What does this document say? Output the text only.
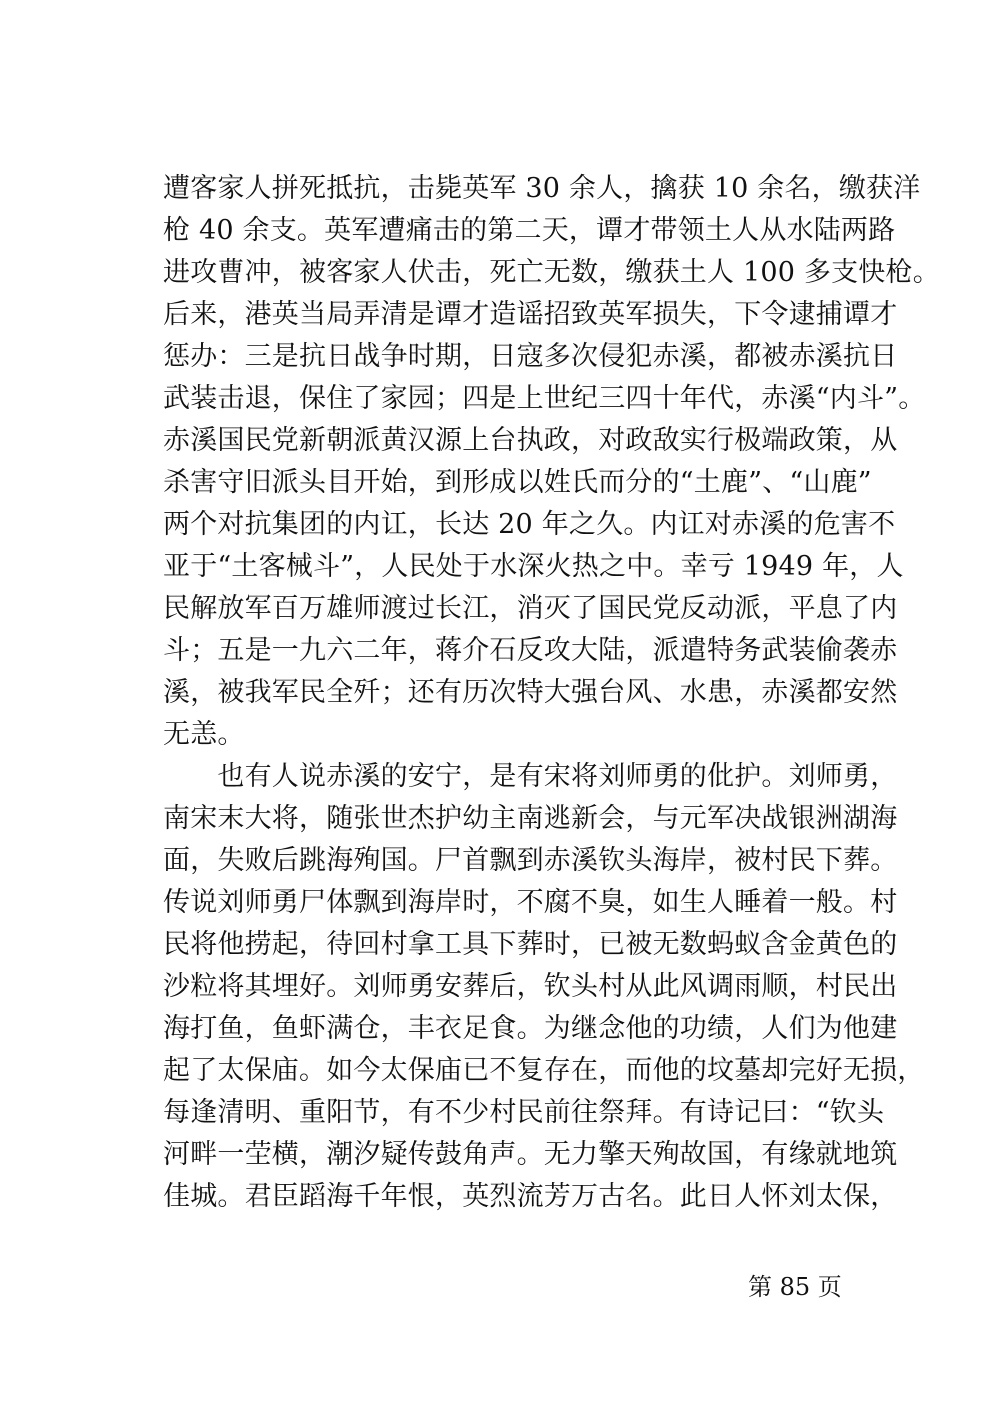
遭客家人拼死抵抗，击毙英军 30 余人，擒获 10 余名，缴获洋
枪 40 余支。英军遭痛击的第二天，谭才带领土人从水陆两路
进攻曹冲，被客家人伏击，死亡无数，缴获土人 100 多支快枪。
后来，港英当局弄清是谭才造谣招致英军损失，下令逮捕谭才
惩办：三是抗日战争时期，日寇多次侵犯赤溪，都被赤溪抗日
武装击退，保住了家园；四是上世纪三四十年代，赤溪“内斗”。
赤溪国民党新朝派黄汉源上台执政，对政敌实行极端政策，从
杀害守旧派头目开始，到形成以姓氏而分的“土鹿”、“山鹿”
两个对抗集团的内讧，长达 20 年之久。内讧对赤溪的危害不
亚于“土客械斗”，人民处于水深火热之中。幸亏 1949 年，人
民解放军百万雄师渡过长江，消灭了国民党反动派，平息了内
斗；五是一九六二年，蒋介石反攻大陆，派遣特务武装偷袭赤
溪，被我军民全歼；还有历次特大强台风、水患，赤溪都安然
无恙。
　　也有人说赤溪的安宁，是有宋将刘师勇的仳护。刘师勇，
南宋末大将，随张世杰护幼主南逃新会，与元军决战银洲湖海
面，失败后跳海殉国。尸首飘到赤溪钦头海岸，被村民下葬。
传说刘师勇尸体飘到海岸时，不腐不臭，如生人睡着一般。村
民将他捞起，待回村拿工具下葬时，已被无数蚂蚁含金黄色的
沙粒将其埋好。刘师勇安葬后，钦头村从此风调雨顺，村民出
海打鱼，鱼虾满仓，丰衣足食。为继念他的功绩，人们为他建
起了太保庙。如今太保庙已不复存在，而他的坟墓却完好无损，
每逢清明、重阳节，有不少村民前往祭拜。有诗记曰：“钦头
河畔一茔横，潮汐疑传鼓角声。无力擎天殉故国，有缘就地筑
佳城。君臣蹈海千年恨，英烈流芳万古名。此日人怀刘太保，
第 85 页
